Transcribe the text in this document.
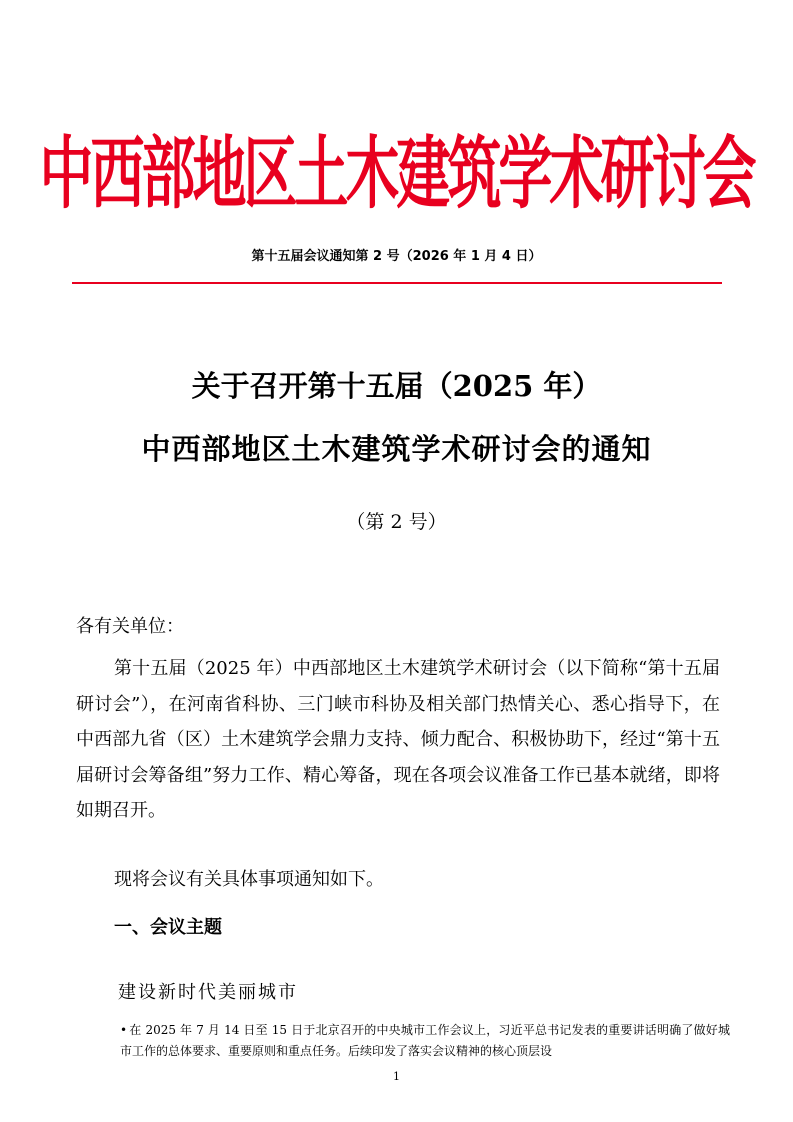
中西部地区土木建筑学术研讨会
第十五届会议通知第 2 号（2026 年 1 月 4 日）
关于召开第十五届（2025 年）
中西部地区土木建筑学术研讨会的通知
（第 2 号）
各有关单位：

第十五届（2025 年）中西部地区土木建筑学术研讨会（以下简称“第十五届研讨会”），在河南省科协、三门峡市科协及相关部门热情关心、悉心指导下，在中西部九省（区）土木建筑学会鼎力支持、倾力配合、积极协助下，经过“第十五届研讨会筹备组”努力工作、精心筹备，现在各项会议准备工作已基本就绪，即将如期召开。

现将会议有关具体事项通知如下。

一、会议主题
建设新时代美丽城市
• 在 2025 年 7 月 14 日至 15 日于北京召开的中央城市工作会议上，习近平总书记发表的重要讲话明确了做好城市工作的总体要求、重要原则和重点任务。后续印发了落实会议精神的核心顶层设
1
